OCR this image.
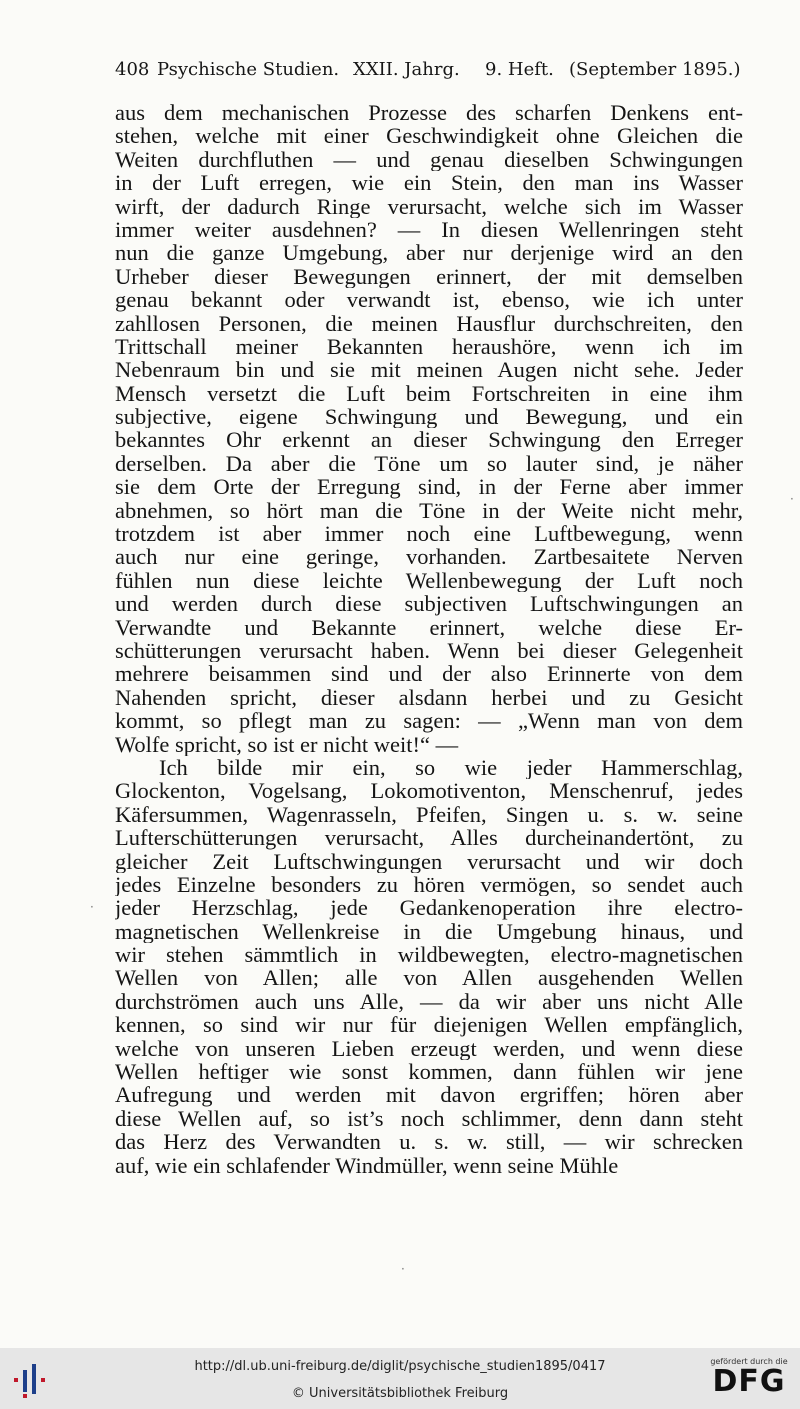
408 Psychische Studien. XXII. Jahrg. 9. Heft. (September 1895.)
aus dem mechanischen Prozesse des scharfen Denkens ent-
stehen, welche mit einer Geschwindigkeit ohne Gleichen die
Weiten durchfluthen — und genau dieselben Schwingungen
in der Luft erregen, wie ein Stein, den man ins Wasser
wirft, der dadurch Ringe verursacht, welche sich im Wasser
immer weiter ausdehnen? — In diesen Wellenringen steht
nun die ganze Umgebung, aber nur derjenige wird an den
Urheber dieser Bewegungen erinnert, der mit demselben
genau bekannt oder verwandt ist, ebenso, wie ich unter
zahllosen Personen, die meinen Hausflur durchschreiten, den
Trittschall meiner Bekannten heraushöre, wenn ich im
Nebenraum bin und sie mit meinen Augen nicht sehe. Jeder
Mensch versetzt die Luft beim Fortschreiten in eine ihm
subjective, eigene Schwingung und Bewegung, und ein
bekanntes Ohr erkennt an dieser Schwingung den Erreger
derselben. Da aber die Töne um so lauter sind, je näher
sie dem Orte der Erregung sind, in der Ferne aber immer
abnehmen, so hört man die Töne in der Weite nicht mehr,
trotzdem ist aber immer noch eine Luftbewegung, wenn
auch nur eine geringe, vorhanden. Zartbesaitete Nerven
fühlen nun diese leichte Wellenbewegung der Luft noch
und werden durch diese subjectiven Luftschwingungen an
Verwandte und Bekannte erinnert, welche diese Er-
schütterungen verursacht haben. Wenn bei dieser Gelegenheit
mehrere beisammen sind und der also Erinnerte von dem
Nahenden spricht, dieser alsdann herbei und zu Gesicht
kommt, so pflegt man zu sagen: — „Wenn man von dem
Wolfe spricht, so ist er nicht weit!“ —
Ich bilde mir ein, so wie jeder Hammerschlag,
Glockenton, Vogelsang, Lokomotiventon, Menschenruf, jedes
Käfersummen, Wagenrasseln, Pfeifen, Singen u. s. w. seine
Lufterschütterungen verursacht, Alles durcheinandertönt, zu
gleicher Zeit Luftschwingungen verursacht und wir doch
jedes Einzelne besonders zu hören vermögen, so sendet auch
jeder Herzschlag, jede Gedankenoperation ihre electro-
magnetischen Wellenkreise in die Umgebung hinaus, und
wir stehen sämmtlich in wildbewegten, electro-magnetischen
Wellen von Allen; alle von Allen ausgehenden Wellen
durchströmen auch uns Alle, — da wir aber uns nicht Alle
kennen, so sind wir nur für diejenigen Wellen empfänglich,
welche von unseren Lieben erzeugt werden, und wenn diese
Wellen heftiger wie sonst kommen, dann fühlen wir jene
Aufregung und werden mit davon ergriffen; hören aber
diese Wellen auf, so ist’s noch schlimmer, denn dann steht
das Herz des Verwandten u. s. w. still, — wir schrecken
auf, wie ein schlafender Windmüller, wenn seine Mühle
·
·
·
http://dl.ub.uni-freiburg.de/diglit/psychische_studien1895/0417
© Universitätsbibliothek Freiburg
gefördert durch die
DFG
